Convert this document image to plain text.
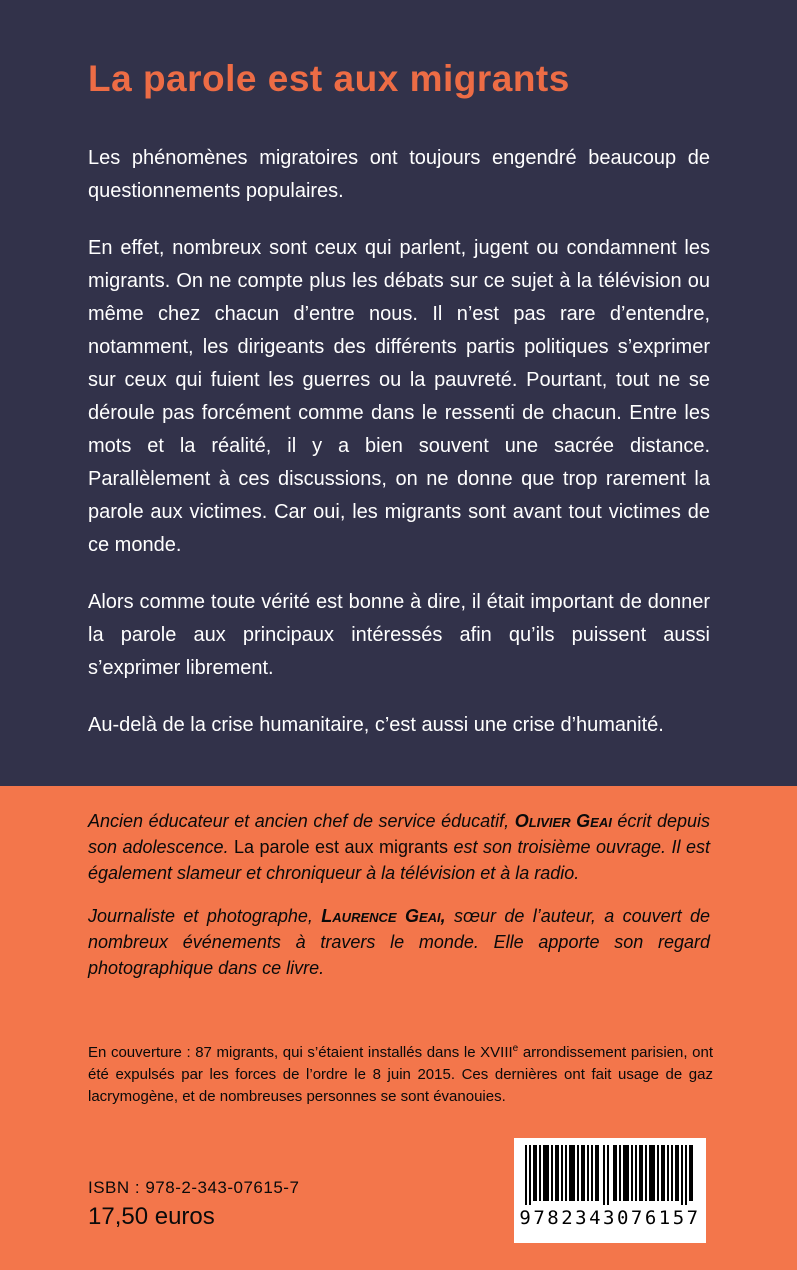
La parole est aux migrants

Les phénomènes migratoires ont toujours engendré beaucoup de questionnements populaires.

En effet, nombreux sont ceux qui parlent, jugent ou condamnent les migrants. On ne compte plus les débats sur ce sujet à la télévision ou même chez chacun d’entre nous. Il n’est pas rare d’entendre, notamment, les dirigeants des différents partis politiques s’exprimer sur ceux qui fuient les guerres ou la pauvreté. Pourtant, tout ne se déroule pas forcément comme dans le ressenti de chacun. Entre les mots et la réalité, il y a bien souvent une sacrée distance. Parallèlement à ces discussions, on ne donne que trop rarement la parole aux victimes. Car oui, les migrants sont avant tout victimes de ce monde.

Alors comme toute vérité est bonne à dire, il était important de donner la parole aux principaux intéressés afin qu’ils puissent aussi s’exprimer librement.

Au-delà de la crise humanitaire, c’est aussi une crise d’humanité.

Ancien éducateur et ancien chef de service éducatif, Olivier Geai écrit depuis son adolescence. La parole est aux migrants est son troisième ouvrage. Il est également slameur et chroniqueur à la télévision et à la radio.

Journaliste et photographe, Laurence Geai, sœur de l’auteur, a couvert de nombreux événements à travers le monde. Elle apporte son regard photographique dans ce livre.

En couverture : 87 migrants, qui s’étaient installés dans le XVIIIe arrondissement parisien, ont été expulsés par les forces de l’ordre le 8 juin 2015. Ces dernières ont fait usage de gaz lacrymogène, et de nombreuses personnes se sont évanouies.
ISBN : 978-2-343-07615-7
17,50 euros	9782343076157
